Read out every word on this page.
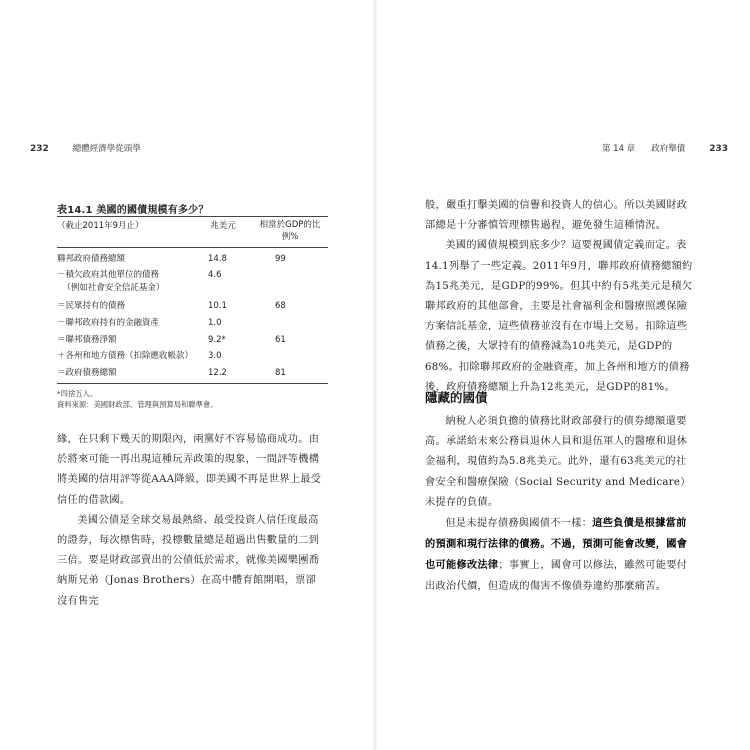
232	總體經濟學從頭學	第 14 章 政府舉債	233
表14.1 美國的國債規模有多少？
（截止2011年9月止）	兆美元	相當於GDP的比例%
聯邦政府債務總額	14.8	99
－積欠政府其他單位的債務	4.6
（例如社會安全信託基金）
＝民眾持有的債務	10.1	68
－聯邦政府持有的金融資產	1.0
＝聯邦債務淨額	9.2*	61
＋各州和地方債務（扣除應收帳款） 3.0
＝政府債務總額	12.2	81
*四捨五入。
資料來源：美國財政部、管理與預算局和聯準會。

緣，在只剩下幾天的期限內，兩黨好不容易協商成功。由於將來可能一再出現這種玩弄政策的現象，一間評等機構將美國的信用評等從AAA降級，即美國不再是世界上最受信任的借款國。

美國公債是全球交易最熱絡、最受投資人信任度最高的證券，每次標售時，投標數量總是超過出售數量的二到三倍。要是財政部賣出的公債低於需求，就像美國樂團喬納斯兄弟（Jonas Brothers）在高中體育館開唱，票卻沒有售完

般，嚴重打擊美國的信譽和投資人的信心。所以美國財政部總是十分審慎管理標售過程，避免發生這種情況。

美國的國債規模到底多少？這要視國債定義而定。表14.1列舉了一些定義。2011年9月，聯邦政府債務總額約為15兆美元，是GDP的99%。但其中約有5兆美元是積欠聯邦政府的其他部會，主要是社會福利金和醫療照護保險方案信託基金，這些債務並沒有在市場上交易。扣除這些債務之後，大眾持有的債務減為10兆美元，是GDP的68%。扣除聯邦政府的金融資產，加上各州和地方的債務後，政府債務總額上升為12兆美元，是GDP的81%。

隱藏的國債

納稅人必須負擔的債務比財政部發行的債券總額還要高。承諾給未來公務員退休人員和退伍軍人的醫療和退休金福利，現值約為5.8兆美元。此外，還有63兆美元的社會安全和醫療保險（Social Security and Medicare）未提存的負債。

但是未提存債務與國債不一樣：這些負債是根據當前的預測和現行法律的債務。不過，預測可能會改變，國會也可能修改法律；事實上，國會可以修法，雖然可能要付出政治代價，但造成的傷害不像債券違約那麼痛苦。
